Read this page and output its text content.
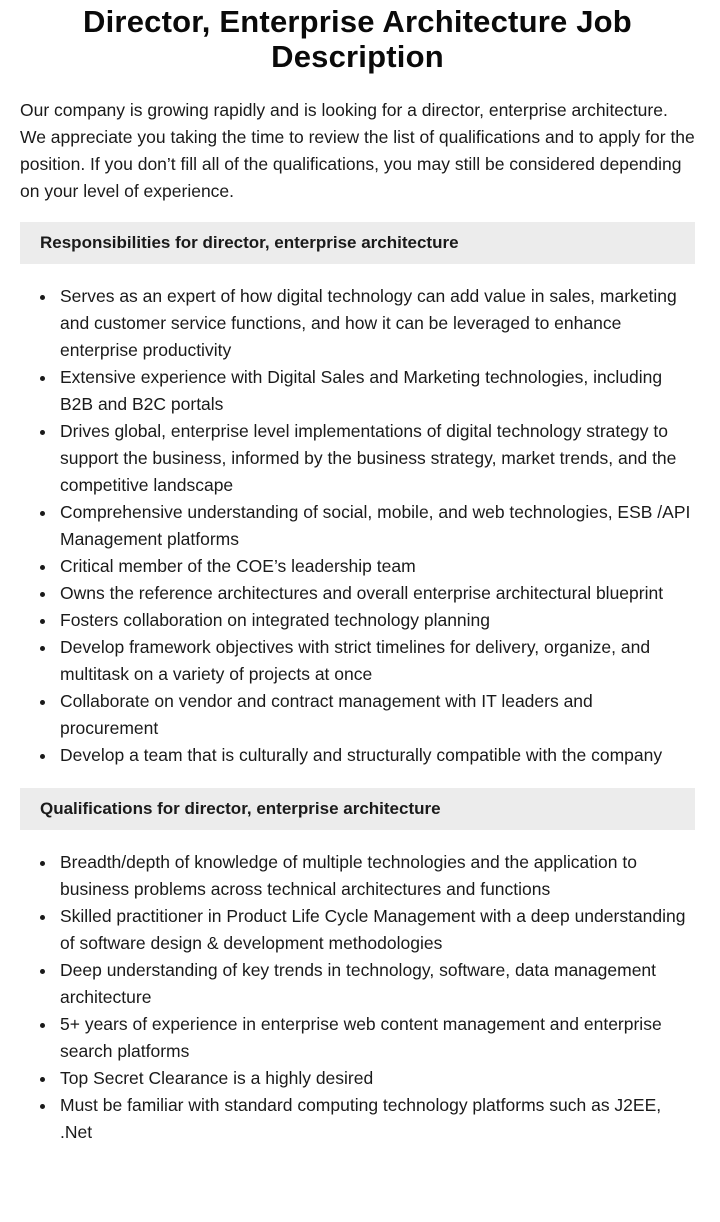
Director, Enterprise Architecture Job Description

Our company is growing rapidly and is looking for a director, enterprise architecture. We appreciate you taking the time to review the list of qualifications and to apply for the position. If you don’t fill all of the qualifications, you may still be considered depending on your level of experience.

Responsibilities for director, enterprise architecture
Serves as an expert of how digital technology can add value in sales, marketing and customer service functions, and how it can be leveraged to enhance enterprise productivity
Extensive experience with Digital Sales and Marketing technologies, including B2B and B2C portals
Drives global, enterprise level implementations of digital technology strategy to support the business, informed by the business strategy, market trends, and the competitive landscape
Comprehensive understanding of social, mobile, and web technologies, ESB /API Management platforms
Critical member of the COE’s leadership team
Owns the reference architectures and overall enterprise architectural blueprint
Fosters collaboration on integrated technology planning
Develop framework objectives with strict timelines for delivery, organize, and multitask on a variety of projects at once
Collaborate on vendor and contract management with IT leaders and procurement
Develop a team that is culturally and structurally compatible with the company
Qualifications for director, enterprise architecture
Breadth/depth of knowledge of multiple technologies and the application to business problems across technical architectures and functions
Skilled practitioner in Product Life Cycle Management with a deep understanding of software design & development methodologies
Deep understanding of key trends in technology, software, data management architecture
5+ years of experience in enterprise web content management and enterprise search platforms
Top Secret Clearance is a highly desired
Must be familiar with standard computing technology platforms such as J2EE, .Net
